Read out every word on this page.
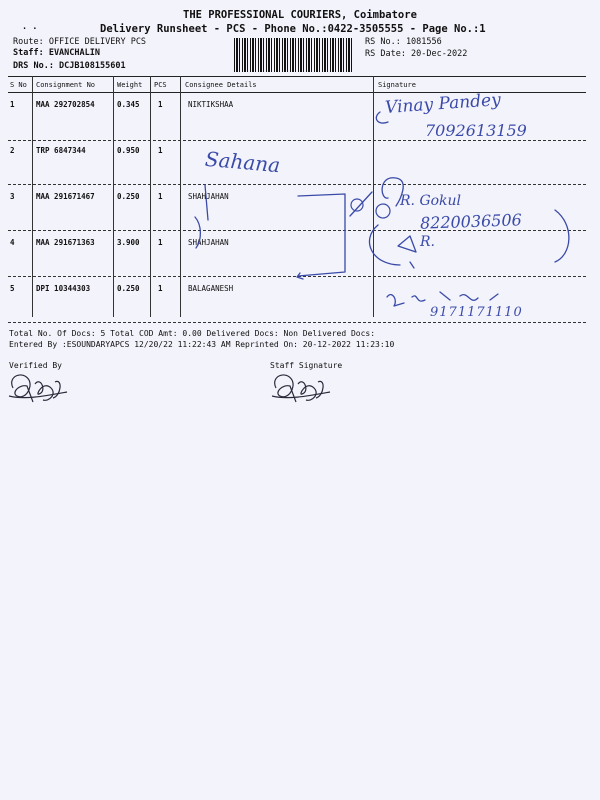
THE PROFESSIONAL COURIERS, Coimbatore
Delivery Runsheet - PCS - Phone No.:0422-3505555 - Page No.:1
. .
Route: OFFICE DELIVERY PCS
Staff: EVANCHALIN
DRS No.: DCJB108155601
RS No.: 1081556
RS Date: 20-Dec-2022
S No Consignment No	Weight PCS	Consignee Details	Signature
1	MAA 292702854	0.345 1	NIKTIKSHAA
2	TRP 6847344	0.950 1
3	MAA 291671467	0.250 1	SHAHJAHAN
4	MAA 291671363	3.900 1	SHAHJAHAN
5	DPI 10344303	0.250 1	BALAGANESH
Vinay Pandey
7092613159
Sahana
R. Gokul
8220036506
R.
9171171110
Total No. Of Docs: 5 Total COD Amt: 0.00 Delivered Docs: Non Delivered Docs:
Entered By :ESOUNDARYAPCS 12/20/22 11:22:43 AM Reprinted On: 20-12-2022 11:23:10
Verified By	Staff Signature
